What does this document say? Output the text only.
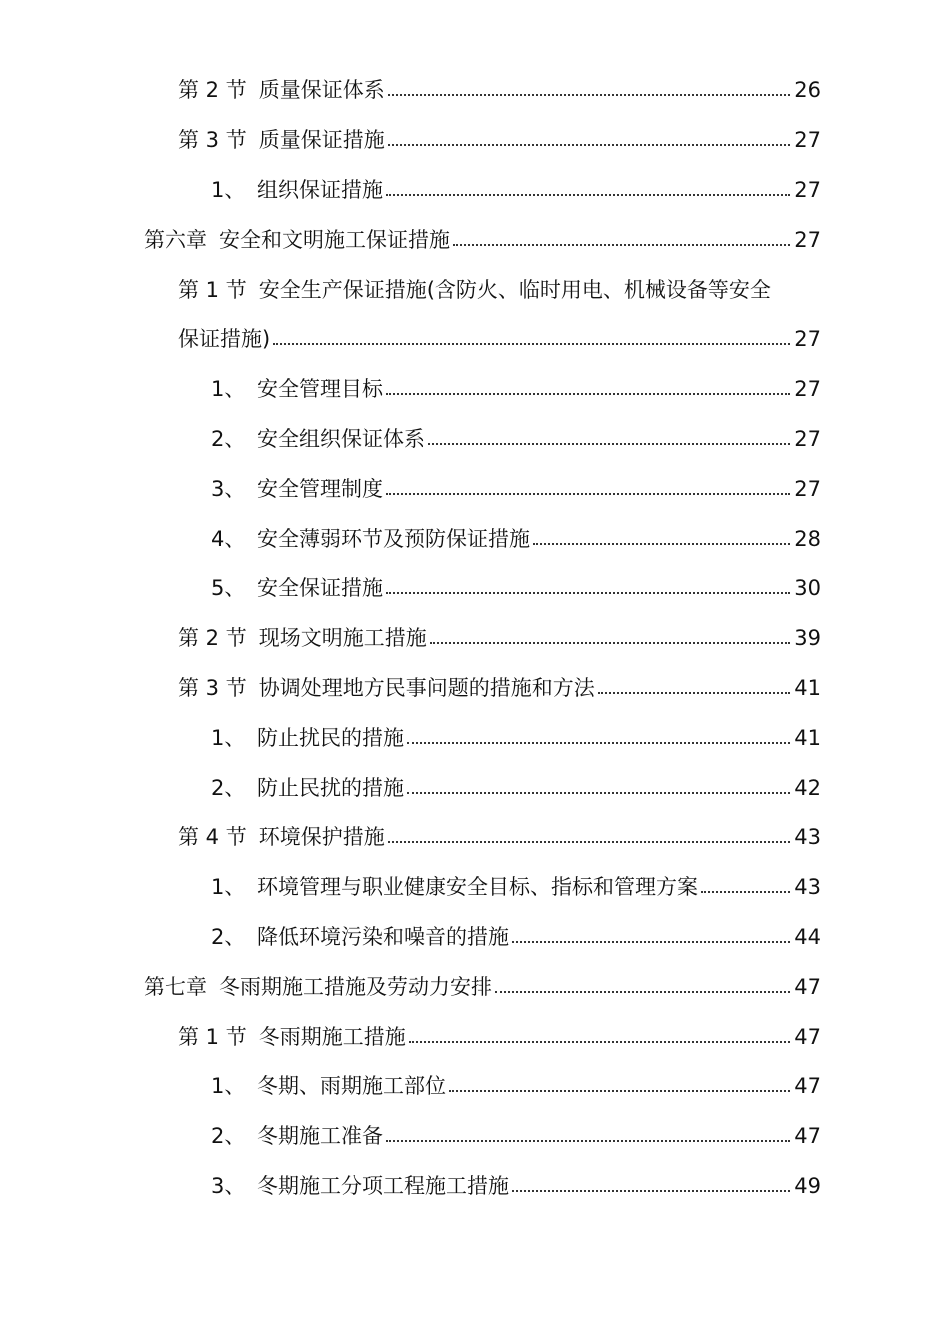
第 2 节 质量保证体系	26
第 3 节 质量保证措施	27
1、 组织保证措施	27
第六章 安全和文明施工保证措施	27
第 1 节 安全生产保证措施(含防火、临时用电、机械设备等安全
保证措施)	27
1、 安全管理目标	27
2、 安全组织保证体系	27
3、 安全管理制度	27
4、 安全薄弱环节及预防保证措施	28
5、 安全保证措施	30
第 2 节 现场文明施工措施	39
第 3 节 协调处理地方民事问题的措施和方法	41
1、 防止扰民的措施	41
2、 防止民扰的措施	42
第 4 节 环境保护措施	43
1、 环境管理与职业健康安全目标、指标和管理方案	43
2、 降低环境污染和噪音的措施	44
第七章 冬雨期施工措施及劳动力安排	47
第 1 节 冬雨期施工措施	47
1、 冬期、雨期施工部位	47
2、 冬期施工准备	47
3、 冬期施工分项工程施工措施	49
